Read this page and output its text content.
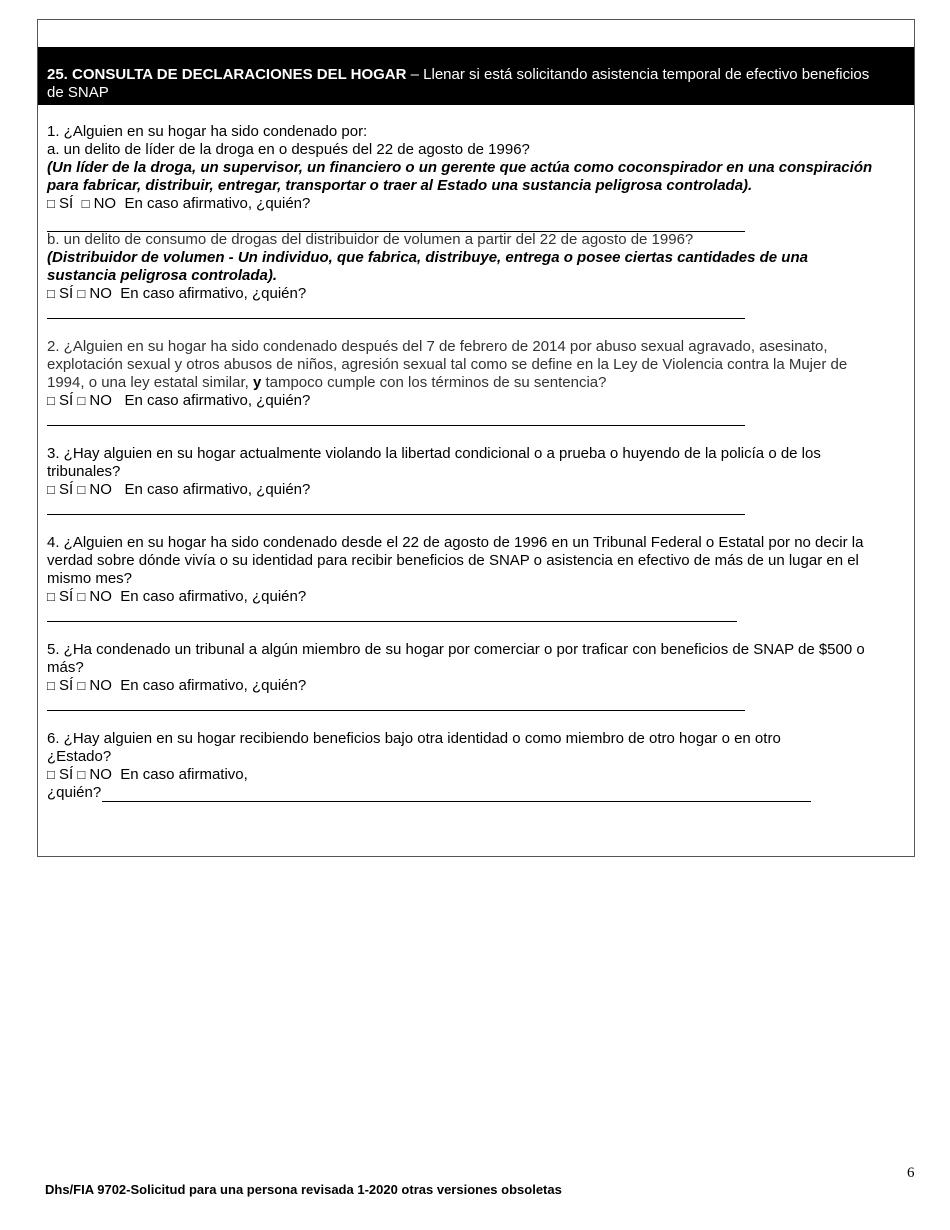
25. CONSULTA DE DECLARACIONES DEL HOGAR – Llenar si está solicitando asistencia temporal de efectivo beneficios
de SNAP
1. ¿Alguien en su hogar ha sido condenado por:
a. un delito de líder de la droga en o después del 22 de agosto de 1996?
(Un líder de la droga, un supervisor, un financiero o un gerente que actúa como coconspirador en una conspiración
para fabricar, distribuir, entregar, transportar o traer al Estado una sustancia peligrosa controlada).
□ SÍ □ NO En caso afirmativo, ¿quién?
b. un delito de consumo de drogas del distribuidor de volumen a partir del 22 de agosto de 1996?
(Distribuidor de volumen - Un individuo, que fabrica, distribuye, entrega o posee ciertas cantidades de una
sustancia peligrosa controlada).
□ SÍ □ NO En caso afirmativo, ¿quién?
2. ¿Alguien en su hogar ha sido condenado después del 7 de febrero de 2014 por abuso sexual agravado, asesinato,
explotación sexual y otros abusos de niños, agresión sexual tal como se define en la Ley de Violencia contra la Mujer de
1994, o una ley estatal similar, y tampoco cumple con los términos de su sentencia?
□ SÍ □ NO En caso afirmativo, ¿quién?
3. ¿Hay alguien en su hogar actualmente violando la libertad condicional o a prueba o huyendo de la policía o de los
tribunales?
□ SÍ □ NO En caso afirmativo, ¿quién?
4. ¿Alguien en su hogar ha sido condenado desde el 22 de agosto de 1996 en un Tribunal Federal o Estatal por no decir la
verdad sobre dónde vivía o su identidad para recibir beneficios de SNAP o asistencia en efectivo de más de un lugar en el
mismo mes?
□ SÍ □ NO En caso afirmativo, ¿quién?
5. ¿Ha condenado un tribunal a algún miembro de su hogar por comerciar o por traficar con beneficios de SNAP de $500 o
más?
□ SÍ □ NO En caso afirmativo, ¿quién?
6. ¿Hay alguien en su hogar recibiendo beneficios bajo otra identidad o como miembro de otro hogar o en otro
¿Estado?
□ SÍ □ NO En caso afirmativo,
¿quién?
6
Dhs/FIA 9702-Solicitud para una persona revisada 1-2020 otras versiones obsoletas
